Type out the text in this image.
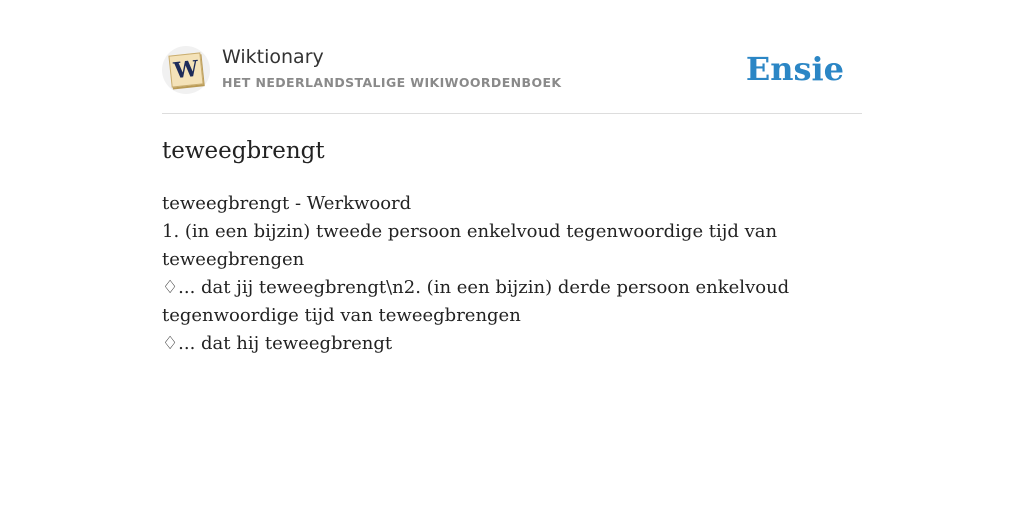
W Wiktionary
HET NEDERLANDSTALIGE WIKIWOORDENBOEK	Ensie
teweegbrengt
teweegbrengt - Werkwoord
1. (in een bijzin) tweede persoon enkelvoud tegenwoordige tijd van
teweegbrengen
♢... dat jij teweegbrengt\n2. (in een bijzin) derde persoon enkelvoud
tegenwoordige tijd van teweegbrengen
♢... dat hij teweegbrengt
